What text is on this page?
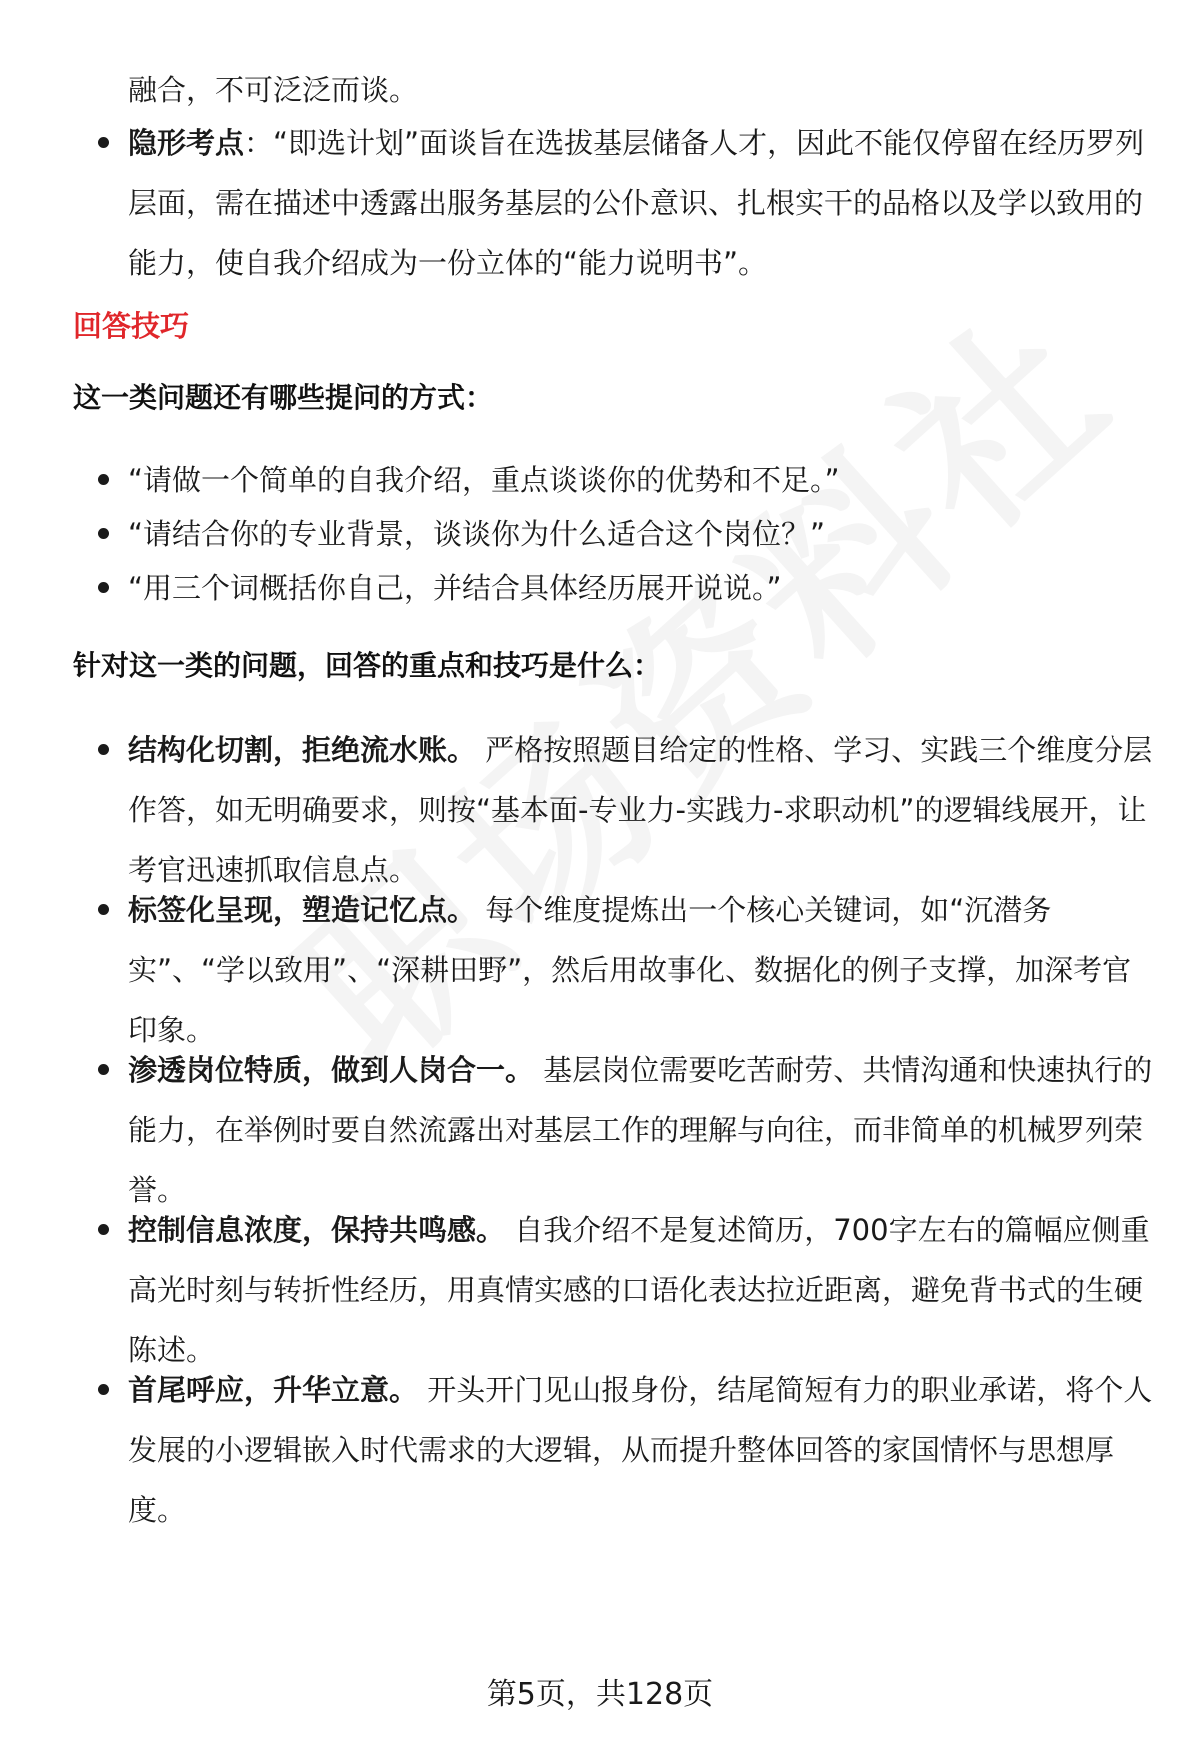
融合，不可泛泛而谈。
隐形考点：“即选计划”面谈旨在选拔基层储备人才，因此不能仅停留在经历罗列层面，需在描述中透露出服务基层的公仆意识、扎根实干的品格以及学以致用的能力，使自我介绍成为一份立体的“能力说明书”。
回答技巧
这一类问题还有哪些提问的方式：
“请做一个简单的自我介绍，重点谈谈你的优势和不足。”
“请结合你的专业背景，谈谈你为什么适合这个岗位？”
“用三个词概括你自己，并结合具体经历展开说说。”
针对这一类的问题，回答的重点和技巧是什么：
结构化切割，拒绝流水账。 严格按照题目给定的性格、学习、实践三个维度分层作答，如无明确要求，则按“基本面-专业力-实践力-求职动机”的逻辑线展开，让考官迅速抓取信息点。
标签化呈现，塑造记忆点。 每个维度提炼出一个核心关键词，如“沉潜务实”、“学以致用”、“深耕田野”，然后用故事化、数据化的例子支撑，加深考官印象。
渗透岗位特质，做到人岗合一。 基层岗位需要吃苦耐劳、共情沟通和快速执行的能力，在举例时要自然流露出对基层工作的理解与向往，而非简单的机械罗列荣誉。
控制信息浓度，保持共鸣感。 自我介绍不是复述简历，700字左右的篇幅应侧重高光时刻与转折性经历，用真情实感的口语化表达拉近距离，避免背书式的生硬陈述。
首尾呼应，升华立意。 开头开门见山报身份，结尾简短有力的职业承诺，将个人发展的小逻辑嵌入时代需求的大逻辑，从而提升整体回答的家国情怀与思想厚度。
第5页，共128页
